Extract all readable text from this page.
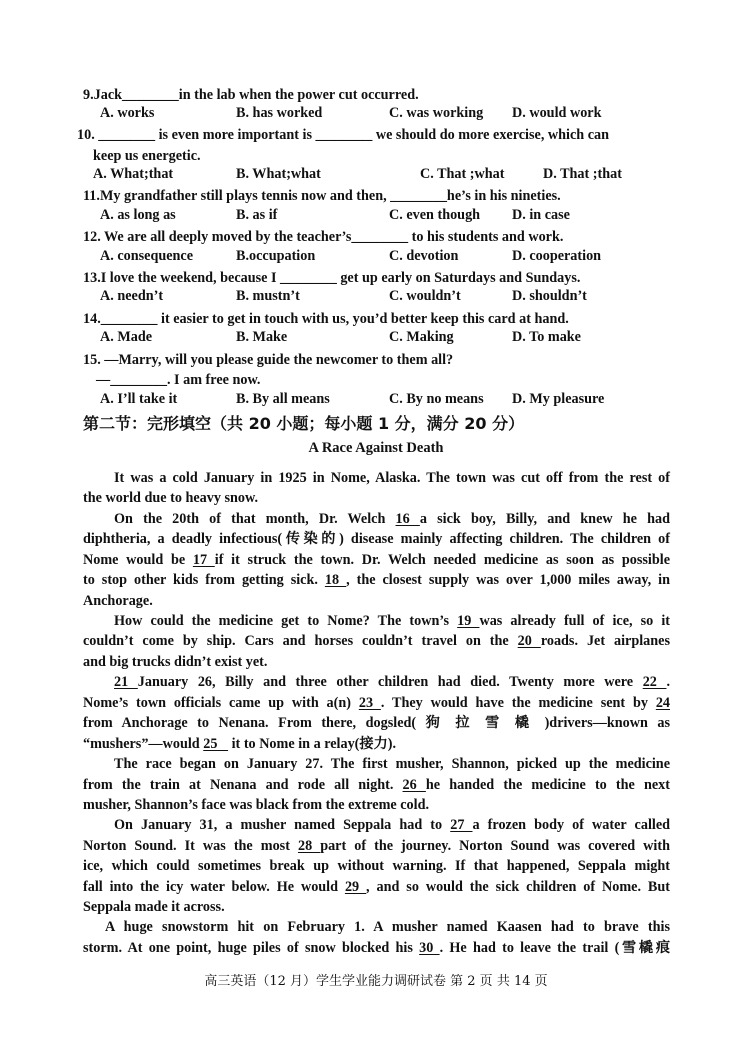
9.Jack________in the lab when the power cut occurred.
A. works	B. has worked	C. was working D. would work
10. ________ is even more important is ________ we should do more exercise, which can
keep us energetic.
A. What;that	B. What;what	C. That ;what	D. That ;that
11.My grandfather still plays tennis now and then, ________he’s in his nineties.
A. as long as	B. as if	C. even though D. in case
12. We are all deeply moved by the teacher’s________ to his students and work.
A. consequence	B.occupation	C. devotion	D. cooperation
13.I love the weekend, because I ________ get up early on Saturdays and Sundays.
A. needn’t	B. mustn’t	C. wouldn’t	D. shouldn’t
14.________ it easier to get in touch with us, you’d better keep this card at hand.
A. Made	B. Make	C. Making	D. To make
15. —Marry, will you please guide the newcomer to them all?
—________. I am free now.
A. I’ll take it	B. By all means	C. By no means D. My pleasure
第二节：完形填空（共 20 小题；每小题 1 分，满分 20 分）
A Race Against Death
It was a cold January in 1925 in Nome, Alaska. The town was cut off from the rest of
the world due to heavy snow.
On the 20th of that month, Dr. Welch 16 a sick boy, Billy, and knew he had
diphtheria, a deadly infectious(传染的) disease mainly affecting children. The children of
Nome would be 17 if it struck the town. Dr. Welch needed medicine as soon as possible
to stop other kids from getting sick. 18 , the closest supply was over 1,000 miles away, in
Anchorage.
How could the medicine get to Nome? The town’s 19 was already full of ice, so it
couldn’t come by ship. Cars and horses couldn’t travel on the 20 roads. Jet airplanes
and big trucks didn’t exist yet.
21 January 26, Billy and three other children had died. Twenty more were 22 .
Nome’s town officials came up with a(n) 23 . They would have the medicine sent by 24
from Anchorage to Nenana. From there, dogsled( 狗 拉 雪 橇 )drivers—known as
“mushers”—would 25    it to Nome in a relay(接力).
The race began on January 27. The first musher, Shannon, picked up the medicine
from the train at Nenana and rode all night. 26 he handed the medicine to the next
musher, Shannon’s face was black from the extreme cold.
On January 31, a musher named Seppala had to 27 a frozen body of water called
Norton Sound. It was the most 28 part of the journey. Norton Sound was covered with
ice, which could sometimes break up without warning. If that happened, Seppala might
fall into the icy water below. He would 29 , and so would the sick children of Nome. But
Seppala made it across.
A huge snowstorm hit on February 1. A musher named Kaasen had to brave this
storm. At one point, huge piles of snow blocked his 30 . He had to leave the trail (雪橇痕
高三英语（12 月）学生学业能力调研试卷 第 2 页 共 14 页
